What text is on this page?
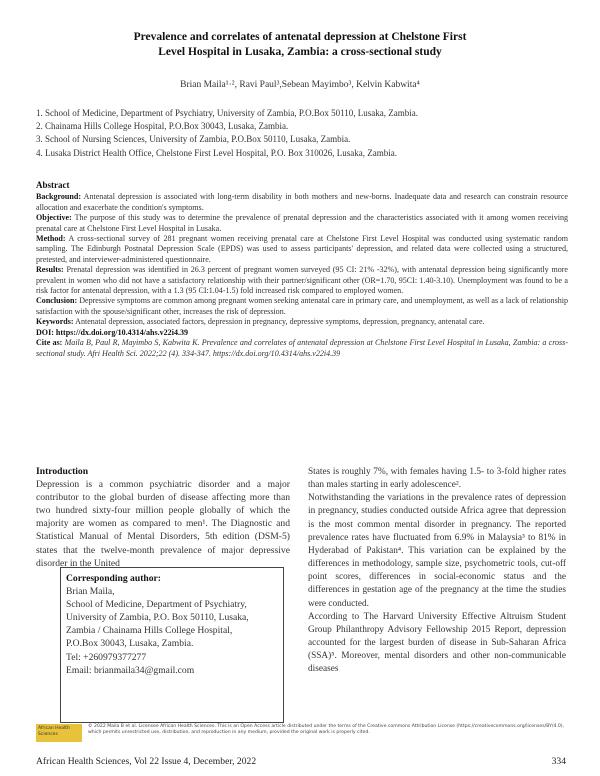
Prevalence and correlates of antenatal depression at Chelstone First
Level Hospital in Lusaka, Zambia: a cross-sectional study
Brian Maila¹·², Ravi Paul³,Sebean Mayimbo³, Kelvin Kabwita⁴
1. School of Medicine, Department of Psychiatry, University of Zambia, P.O.Box 50110, Lusaka, Zambia.
2. Chainama Hills College Hospital, P.O.Box 30043, Lusaka, Zambia.
3. School of Nursing Sciences, University of Zambia, P.O.Box 50110, Lusaka, Zambia.
4. Lusaka District Health Office, Chelstone First Level Hospital, P.O. Box 310026, Lusaka, Zambia.
Abstract

Background: Antenatal depression is associated with long-term disability in both mothers and new-borns. Inadequate data and research can constrain resource allocation and exacerbate the condition's symptoms.

Objective: The purpose of this study was to determine the prevalence of prenatal depression and the characteristics associated with it among women receiving prenatal care at Chelstone First Level Hospital in Lusaka.

Method: A cross-sectional survey of 281 pregnant women receiving prenatal care at Chelstone First Level Hospital was conducted using systematic random sampling. The Edinburgh Postnatal Depression Scale (EPDS) was used to assess participants' depression, and related data were collected using a structured, pretested, and interviewer-administered questionnaire.

Results: Prenatal depression was identified in 26.3 percent of pregnant women surveyed (95 CI: 21% -32%), with antenatal depression being significantly more prevalent in women who did not have a satisfactory relationship with their partner/significant other (OR=1.70, 95CI: 1.40-3.10). Unemployment was found to be a risk factor for antenatal depression, with a 1.3 (95 CI:1.04-1.5) fold increased risk compared to employed women.

Conclusion: Depressive symptoms are common among pregnant women seeking antenatal care in primary care, and unemployment, as well as a lack of relationship satisfaction with the spouse/significant other, increases the risk of depression.

Keywords: Antenatal depression, associated factors, depression in pregnancy, depressive symptoms, depression, pregnancy, antenatal care.

DOI: https://dx.doi.org/10.4314/ahs.v22i4.39

Cite as: Maila B, Paul R, Mayimbo S, Kabwita K. Prevalence and correlates of antenatal depression at Chelstone First Level Hospital in Lusaka, Zambia: a cross-sectional study. Afri Health Sci. 2022;22 (4). 334-347. https://dx.doi.org/10.4314/ahs.v22i4.39

Introduction
Depression is a common psychiatric disorder and a major contributor to the global burden of disease affecting more than two hundred sixty-four million people globally of which the majority are women as compared to men¹. The Diagnostic and Statistical Manual of Mental Disorders, 5th edition (DSM-5) states that the twelve-month prevalence of major depressive disorder in the United
Corresponding author:
Brian Maila,
School of Medicine, Department of Psychiatry,
University of Zambia, P.O. Box 50110, Lusaka,
Zambia / Chainama Hills College Hospital,
P.O.Box 30043, Lusaka, Zambia.
Tel: +260979377277
Email: brianmaila34@gmail.com

States is roughly 7%, with females having 1.5- to 3-fold higher rates than males starting in early adolescence².

Notwithstanding the variations in the prevalence rates of depression in pregnancy, studies conducted outside Africa agree that depression is the most common mental disorder in pregnancy. The reported prevalence rates have fluctuated from 6.9% in Malaysia³ to 81% in Hyderabad of Pakistan⁴. This variation can be explained by the differences in methodology, sample size, psychometric tools, cut-off point scores, differences in social-economic status and the differences in gestation age of the pregnancy at the time the studies were conducted.

According to The Harvard University Effective Altruism Student Group Philanthropy Advisory Fellowship 2015 Report, depression accounted for the largest burden of disease in Sub-Saharan Africa (SSA)⁵. Moreover, mental disorders and other non-communicable diseases

African Health Sciences
© 2022 Maila B et al. Licensee African Health Sciences. This is an Open Access article distributed under the terms of the Creative commons Attribution License (https://creativecommons.org/licenses/BY/4.0), which permits unrestricted use, distribution, and reproduction in any medium, provided the original work is properly cited.
African Health Sciences, Vol 22 Issue 4, December, 2022	334
